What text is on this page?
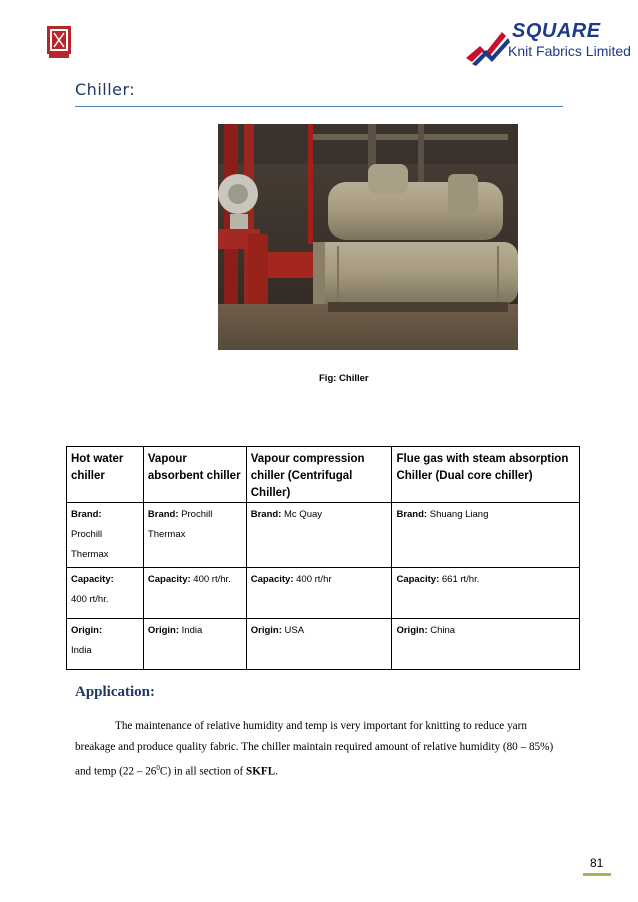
SQUARE
Knit Fabrics Limited
Chiller:
Fig: Chiller
Hot water chiller	Vapour absorbent chiller	Vapour compression chiller (Centrifugal Chiller)	Flue gas with steam absorption Chiller (Dual core chiller)

Brand:
Prochill Thermax	Brand: Prochill Thermax	Brand: Mc Quay	Brand: Shuang Liang

Capacity:
400 rt/hr.	Capacity: 400 rt/hr.	Capacity: 400 rt/hr	Capacity: 661 rt/hr.

Origin:
India	Origin: India	Origin: USA	Origin: China
Application:
The maintenance of relative humidity and temp is very important for knitting to reduce yarn breakage and produce quality fabric. The chiller maintain required amount of relative humidity (80 – 85%) and temp $(22 - 26^0C)$ in all section of SKFL.
81
